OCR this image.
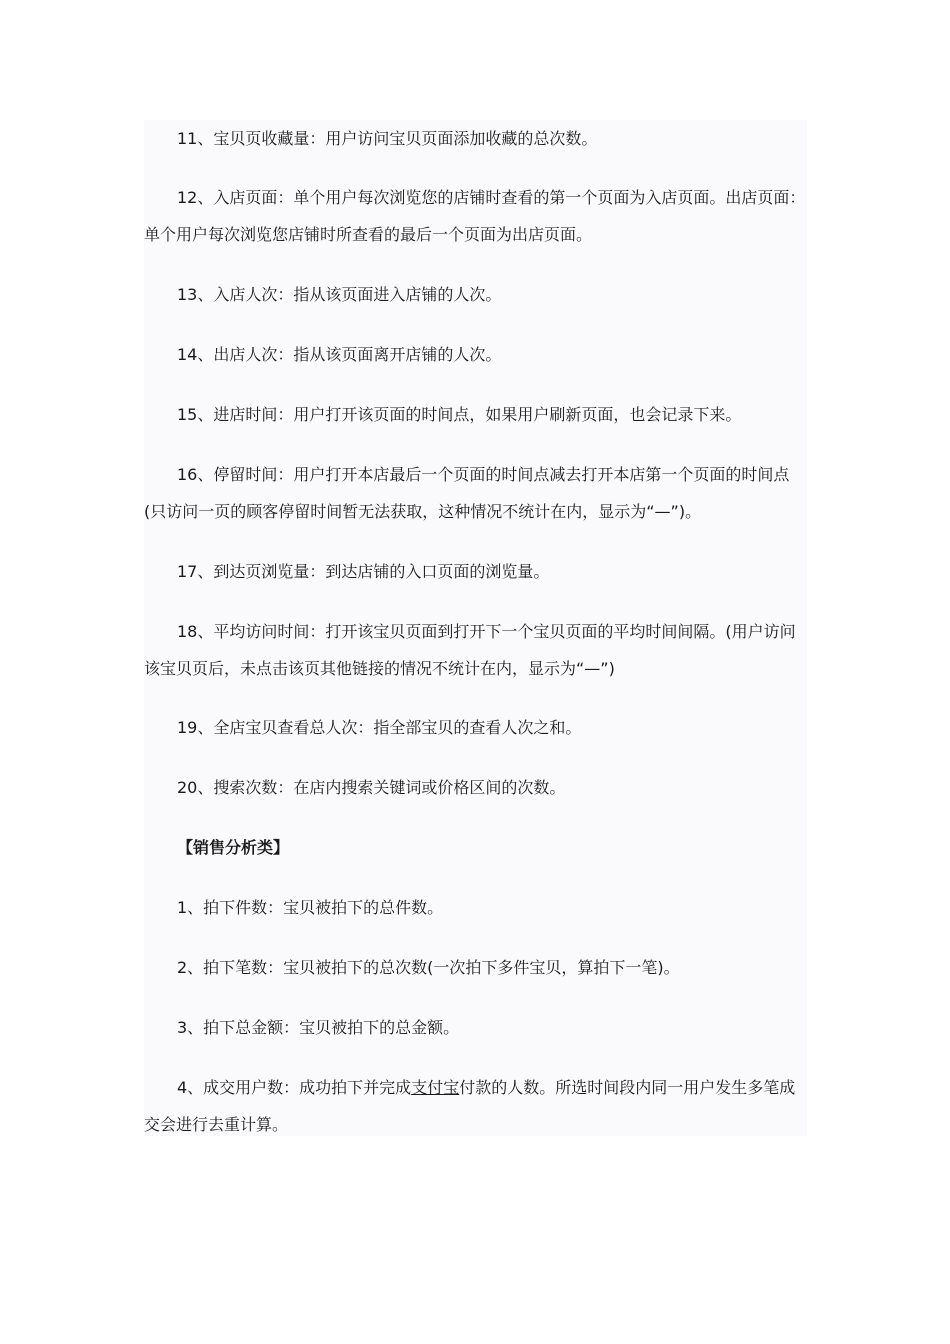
11、宝贝页收藏量：用户访问宝贝页面添加收藏的总次数。
12、入店页面：单个用户每次浏览您的店铺时查看的第一个页面为入店页面。出店页面：
单个用户每次浏览您店铺时所查看的最后一个页面为出店页面。
13、入店人次：指从该页面进入店铺的人次。
14、出店人次：指从该页面离开店铺的人次。
15、进店时间：用户打开该页面的时间点，如果用户刷新页面，也会记录下来。
16、停留时间：用户打开本店最后一个页面的时间点减去打开本店第一个页面的时间点
(只访问一页的顾客停留时间暂无法获取，这种情况不统计在内，显示为“—”)。
17、到达页浏览量：到达店铺的入口页面的浏览量。
18、平均访问时间：打开该宝贝页面到打开下一个宝贝页面的平均时间间隔。(用户访问
该宝贝页后，未点击该页其他链接的情况不统计在内，显示为“—”)
19、全店宝贝查看总人次：指全部宝贝的查看人次之和。
20、搜索次数：在店内搜索关键词或价格区间的次数。
【销售分析类】
1、拍下件数：宝贝被拍下的总件数。
2、拍下笔数：宝贝被拍下的总次数(一次拍下多件宝贝，算拍下一笔)。
3、拍下总金额：宝贝被拍下的总金额。
4、成交用户数：成功拍下并完成支付宝付款的人数。所选时间段内同一用户发生多笔成
交会进行去重计算。
